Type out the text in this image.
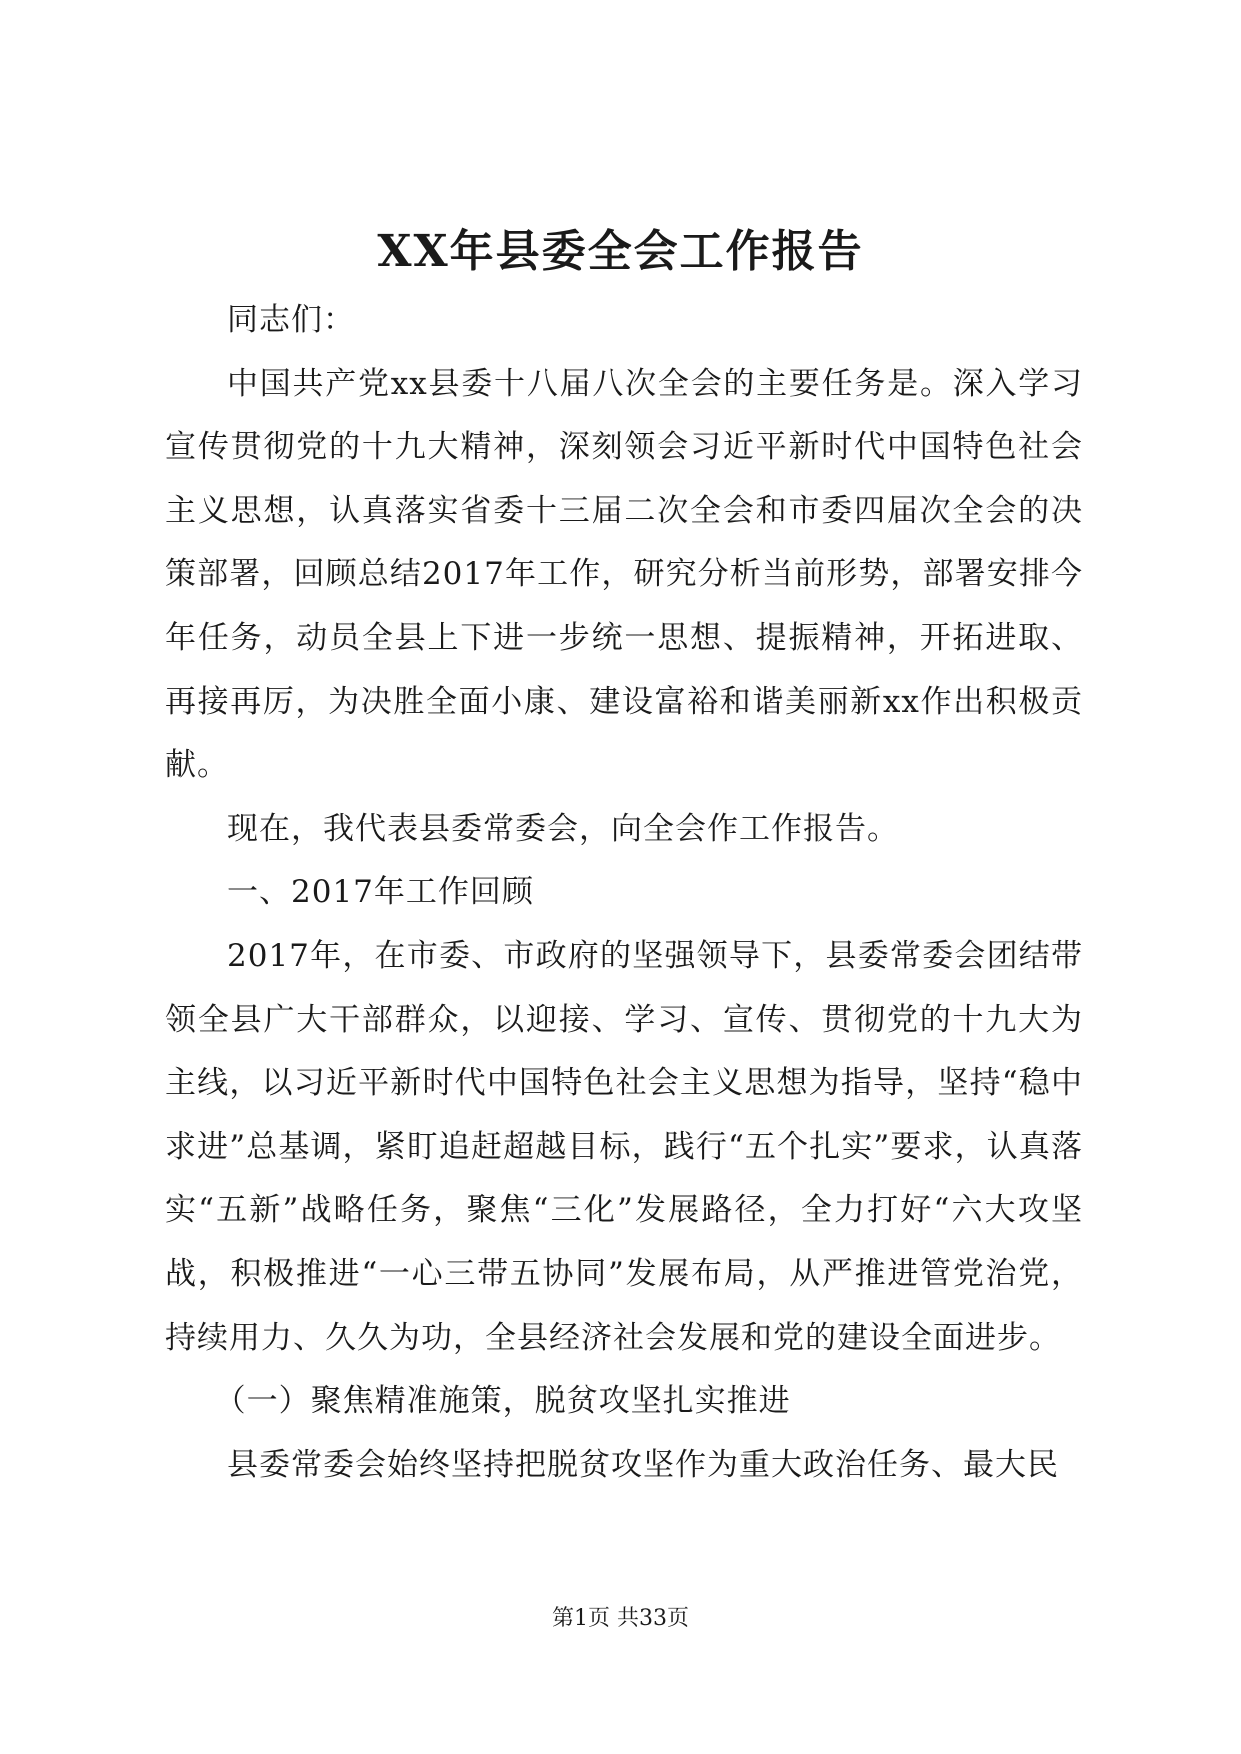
XX年县委全会工作报告

同志们：

中国共产党xx县委十八届八次全会的主要任务是。深入学习宣传贯彻党的十九大精神，深刻领会习近平新时代中国特色社会主义思想，认真落实省委十三届二次全会和市委四届次全会的决策部署，回顾总结2017年工作，研究分析当前形势，部署安排今年任务，动员全县上下进一步统一思想、提振精神，开拓进取、再接再厉，为决胜全面小康、建设富裕和谐美丽新xx作出积极贡献。

现在，我代表县委常委会，向全会作工作报告。

一、2017年工作回顾

2017年，在市委、市政府的坚强领导下，县委常委会团结带领全县广大干部群众，以迎接、学习、宣传、贯彻党的十九大为主线，以习近平新时代中国特色社会主义思想为指导，坚持“稳中求进”总基调，紧盯追赶超越目标，践行“五个扎实”要求，认真落实“五新”战略任务，聚焦“三化”发展路径，全力打好“六大攻坚战，积极推进“一心三带五协同”发展布局，从严推进管党治党，持续用力、久久为功，全县经济社会发展和党的建设全面进步。

（一）聚焦精准施策，脱贫攻坚扎实推进

县委常委会始终坚持把脱贫攻坚作为重大政治任务、最大民

第1页 共33页
